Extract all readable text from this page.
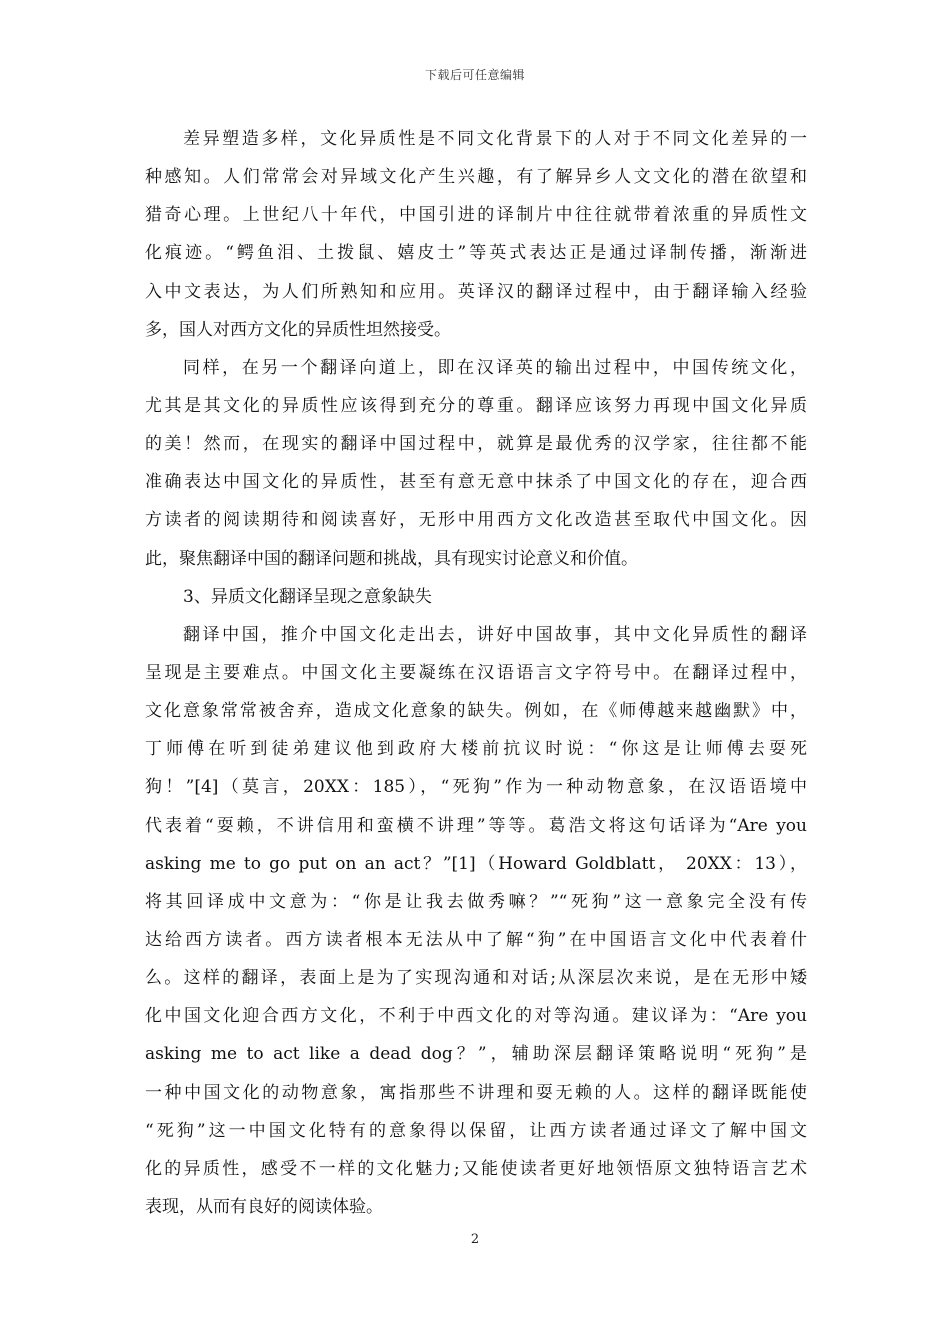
下载后可任意编辑
差异塑造多样，文化异质性是不同文化背景下的人对于不同文化差异的一
种感知。人们常常会对异域文化产生兴趣，有了解异乡人文文化的潜在欲望和
猎奇心理。上世纪八十年代，中国引进的译制片中往往就带着浓重的异质性文
化痕迹。“鳄鱼泪、土拨鼠、嬉皮士”等英式表达正是通过译制传播，渐渐进
入中文表达，为人们所熟知和应用。英译汉的翻译过程中，由于翻译输入经验
多，国人对西方文化的异质性坦然接受。
同样，在另一个翻译向道上，即在汉译英的输出过程中，中国传统文化，
尤其是其文化的异质性应该得到充分的尊重。翻译应该努力再现中国文化异质
的美！然而，在现实的翻译中国过程中，就算是最优秀的汉学家，往往都不能
准确表达中国文化的异质性，甚至有意无意中抹杀了中国文化的存在，迎合西
方读者的阅读期待和阅读喜好，无形中用西方文化改造甚至取代中国文化。因
此，聚焦翻译中国的翻译问题和挑战，具有现实讨论意义和价值。
3、异质文化翻译呈现之意象缺失
翻译中国，推介中国文化走出去，讲好中国故事，其中文化异质性的翻译
呈现是主要难点。中国文化主要凝练在汉语语言文字符号中。在翻译过程中，
文化意象常常被舍弃，造成文化意象的缺失。例如，在《师傅越来越幽默》中，
丁师傅在听到徒弟建议他到政府大楼前抗议时说：“你这是让师傅去耍死
狗！”[4]（莫言，20XX：185），“死狗”作为一种动物意象，在汉语语境中
代表着“耍赖，不讲信用和蛮横不讲理”等等。葛浩文将这句话译为“Are you
asking me to go put on an act？”[1]（Howard Goldblatt， 20XX：13），
将其回译成中文意为：“你是让我去做秀嘛？”“死狗”这一意象完全没有传
达给西方读者。西方读者根本无法从中了解“狗”在中国语言文化中代表着什
么。这样的翻译，表面上是为了实现沟通和对话;从深层次来说，是在无形中矮
化中国文化迎合西方文化，不利于中西文化的对等沟通。建议译为：“Are you
asking me to act like a dead dog？”，辅助深层翻译策略说明“死狗”是
一种中国文化的动物意象，寓指那些不讲理和耍无赖的人。这样的翻译既能使
“死狗”这一中国文化特有的意象得以保留，让西方读者通过译文了解中国文
化的异质性，感受不一样的文化魅力;又能使读者更好地领悟原文独特语言艺术
表现，从而有良好的阅读体验。
2
